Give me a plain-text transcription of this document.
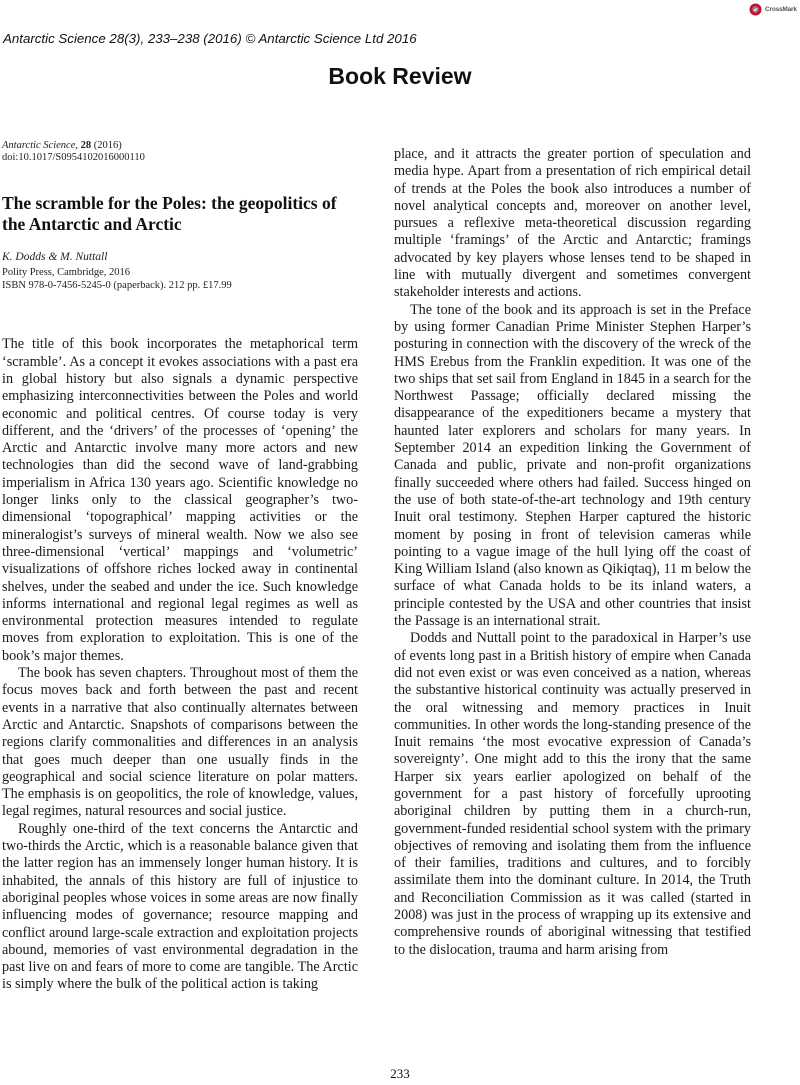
CrossMark
Antarctic Science 28(3), 233–238 (2016) © Antarctic Science Ltd 2016
Book Review
Antarctic Science, 28 (2016)
doi:10.1017/S0954102016000110
The scramble for the Poles: the geopolitics of the Antarctic and Arctic
K. Dodds & M. Nuttall
Polity Press, Cambridge, 2016
ISBN 978-0-7456-5245-0 (paperback). 212 pp. £17.99

The title of this book incorporates the metaphorical term ‘scramble’. As a concept it evokes associations with a past era in global history but also signals a dynamic perspective emphasizing interconnectivities between the Poles and world economic and political centres. Of course today is very different, and the ‘drivers’ of the processes of ‘opening’ the Arctic and Antarctic involve many more actors and new technologies than did the second wave of land-grabbing imperialism in Africa 130 years ago. Scientific knowledge no longer links only to the classical geographer’s two-dimensional ‘topographical’ mapping activities or the mineralogist’s surveys of mineral wealth. Now we also see three-dimensional ‘vertical’ mappings and ‘volumetric’ visualizations of offshore riches locked away in continental shelves, under the seabed and under the ice. Such knowledge informs international and regional legal regimes as well as environmental protection measures intended to regulate moves from exploration to exploitation. This is one of the book’s major themes.

The book has seven chapters. Throughout most of them the focus moves back and forth between the past and recent events in a narrative that also continually alternates between Arctic and Antarctic. Snapshots of comparisons between the regions clarify commonalities and differences in an analysis that goes much deeper than one usually finds in the geographical and social science literature on polar matters. The emphasis is on geopolitics, the role of knowledge, values, legal regimes, natural resources and social justice.

Roughly one-third of the text concerns the Antarctic and two-thirds the Arctic, which is a reasonable balance given that the latter region has an immensely longer human history. It is inhabited, the annals of this history are full of injustice to aboriginal peoples whose voices in some areas are now finally influencing modes of governance; resource mapping and conflict around large-scale extraction and exploitation projects abound, memories of vast environmental degradation in the past live on and fears of more to come are tangible. The Arctic is simply where the bulk of the political action is taking

place, and it attracts the greater portion of speculation and media hype. Apart from a presentation of rich empirical detail of trends at the Poles the book also introduces a number of novel analytical concepts and, moreover on another level, pursues a reflexive meta-theoretical discussion regarding multiple ‘framings’ of the Arctic and Antarctic; framings advocated by key players whose lenses tend to be shaped in line with mutually divergent and sometimes convergent stakeholder interests and actions.

The tone of the book and its approach is set in the Preface by using former Canadian Prime Minister Stephen Harper’s posturing in connection with the discovery of the wreck of the HMS Erebus from the Franklin expedition. It was one of the two ships that set sail from England in 1845 in a search for the Northwest Passage; officially declared missing the disappearance of the expeditioners became a mystery that haunted later explorers and scholars for many years. In September 2014 an expedition linking the Government of Canada and public, private and non-profit organizations finally succeeded where others had failed. Success hinged on the use of both state-of-the-art technology and 19th century Inuit oral testimony. Stephen Harper captured the historic moment by posing in front of television cameras while pointing to a vague image of the hull lying off the coast of King William Island (also known as Qikiqtaq), 11 m below the surface of what Canada holds to be its inland waters, a principle contested by the USA and other countries that insist the Passage is an international strait.

Dodds and Nuttall point to the paradoxical in Harper’s use of events long past in a British history of empire when Canada did not even exist or was even conceived as a nation, whereas the substantive historical continuity was actually preserved in the oral witnessing and memory practices in Inuit communities. In other words the long-standing presence of the Inuit remains ‘the most evocative expression of Canada’s sovereignty’. One might add to this the irony that the same Harper six years earlier apologized on behalf of the government for a past history of forcefully uprooting aboriginal children by putting them in a church-run, government-funded residential school system with the primary objectives of removing and isolating them from the influence of their families, traditions and cultures, and to forcibly assimilate them into the dominant culture. In 2014, the Truth and Reconciliation Commission as it was called (started in 2008) was just in the process of wrapping up its extensive and comprehensive rounds of aboriginal witnessing that testified to the dislocation, trauma and harm arising from

233
